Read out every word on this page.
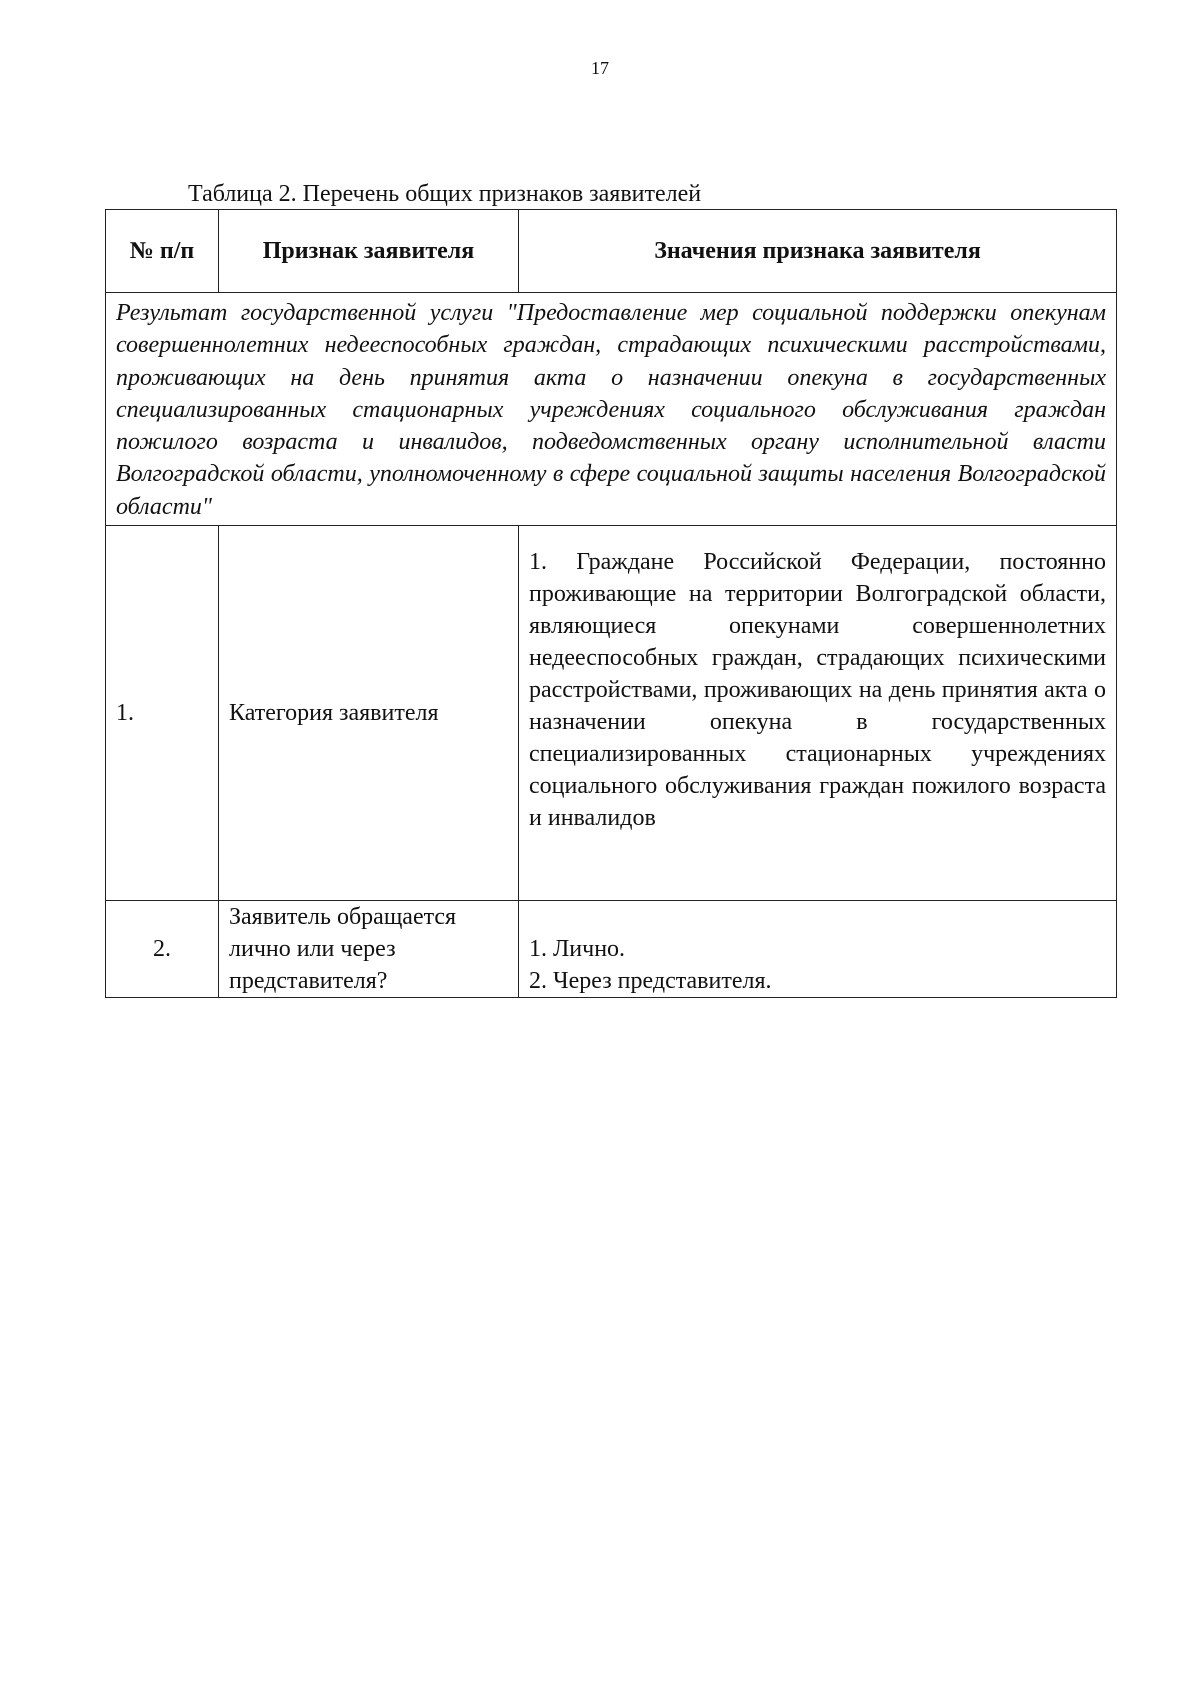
17
Таблица 2. Перечень общих признаков заявителей
№ п/п	Признак заявителя	Значения признака заявителя
Результат государственной услуги "Предоставление мер социальной поддержки опекунам совершеннолетних недееспособных граждан, страдающих психическими расстройствами, проживающих на день принятия акта о назначении опекуна в государственных специализированных стационарных учреждениях социального обслуживания граждан пожилого возраста и инвалидов, подведомственных органу исполнительной власти Волгоградской области, уполномоченному в сфере социальной защиты населения Волгоградской области"		
1.	Категория заявителя	1. Граждане Российской Федерации, постоянно проживающие на территории Волгоградской области, являющиеся опекунами совершеннолетних недееспособных граждан, страдающих психическими расстройствами, проживающих на день принятия акта о назначении опекуна в государственных специализированных стационарных учреждениях социального обслуживания граждан пожилого возраста и инвалидов

2.	Заявитель обращается лично или через представителя?	1. Лично.
2. Через представителя.
